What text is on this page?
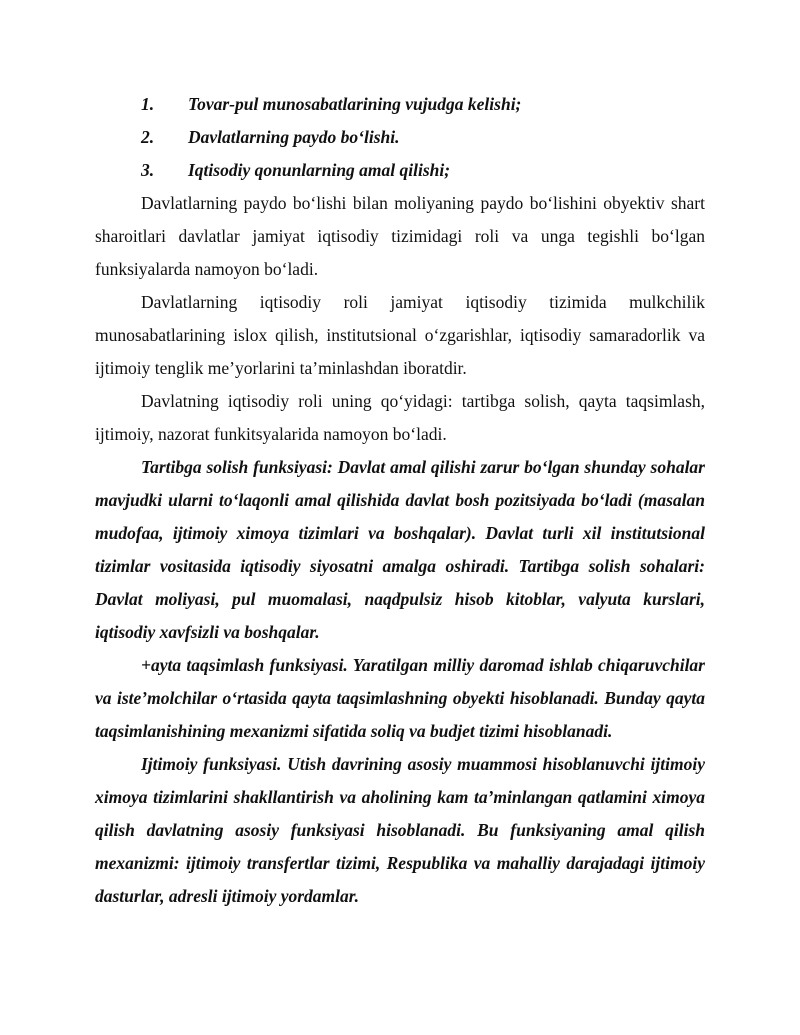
1. Tovar-pul munosabatlarining vujudga kelishi;
2. Davlatlarning paydo bo‘lishi.
3. Iqtisodiy qonunlarning amal qilishi;

Davlatlarning paydo bo‘lishi bilan moliyaning paydo bo‘lishini obyektiv shart sharoitlari davlatlar jamiyat iqtisodiy tizimidagi roli va unga tegishli bo‘lgan funksiyalarda namoyon bo‘ladi.

Davlatlarning iqtisodiy roli jamiyat iqtisodiy tizimida mulkchilik munosabatlarining islox qilish, institutsional o‘zgarishlar, iqtisodiy samaradorlik va ijtimoiy tenglik me’yorlarini ta’minlashdan iboratdir.

Davlatning iqtisodiy roli uning qo‘yidagi: tartibga solish, qayta taqsimlash, ijtimoiy, nazorat funkitsyalarida namoyon bo‘ladi.

Tartibga solish funksiyasi: Davlat amal qilishi zarur bo‘lgan shunday sohalar mavjudki ularni to‘laqonli amal qilishida davlat bosh pozitsiyada bo‘ladi (masalan mudofaa, ijtimoiy ximoya tizimlari va boshqalar). Davlat turli xil institutsional tizimlar vositasida iqtisodiy siyosatni amalga oshiradi. Tartibga solish sohalari: Davlat moliyasi, pul muomalasi, naqdpulsiz hisob kitoblar, valyuta kurslari, iqtisodiy xavfsizli va boshqalar.

+ayta taqsimlash funksiyasi. Yaratilgan milliy daromad ishlab chiqaruvchilar va iste’molchilar o‘rtasida qayta taqsimlashning obyekti hisoblanadi. Bunday qayta taqsimlanishining mexanizmi sifatida soliq va budjet tizimi hisoblanadi.

Ijtimoiy funksiyasi. Utish davrining asosiy muammosi hisoblanuvchi ijtimoiy ximoya tizimlarini shakllantirish va aholining kam ta’minlangan qatlamini ximoya qilish davlatning asosiy funksiyasi hisoblanadi. Bu funksiyaning amal qilish mexanizmi: ijtimoiy transfertlar tizimi, Respublika va mahalliy darajadagi ijtimoiy dasturlar, adresli ijtimoiy yordamlar.
